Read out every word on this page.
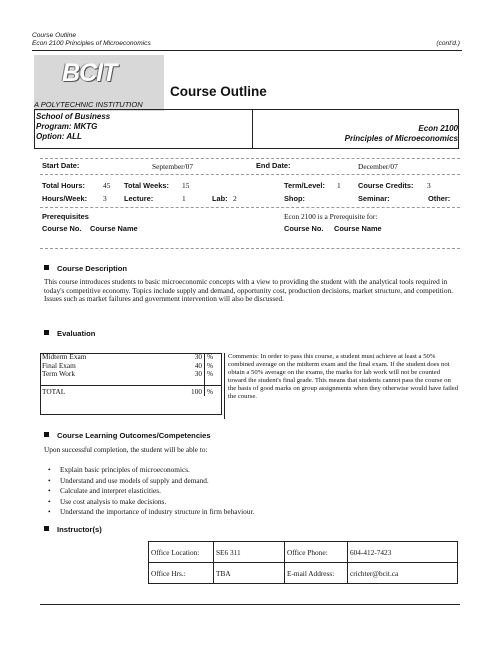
Course Outline
Econ 2100 Principles of Microeconomics	(cont'd.)
BCIT
A POLYTECHNIC INSTITUTION
Course Outline
School of Business
Program: MKTG
Option: ALL
Econ 2100
Principles of Microeconomics
Start Date:	September/07	End Date:	December/07
Total Hours: 45 Total Weeks: 15	Term/Level: 1 Course Credits: 3
Hours/Week: 3 Lecture:	1	Lab: 2	Shop:	Seminar:	Other:
Prerequisites
Course No. Course Name
Econ 2100 is a Prerequisite for:
Course No. Course Name
Course Description
This course introduces students to basic microeconomic concepts with a view to providing the student with the analytical tools required in today's competitive economy. Topics include supply and demand, opportunity cost, production decisions, market structure, and competition. Issues such as market failures and government intervention will also be discussed.
Evaluation
Midterm Exam	30	%
Final Exam	40	%
Term Work	30	%

TOTAL	100	%
Comments: In order to pass this course, a student must achieve at least a 50% combined average on the midterm exam and the final exam. If the student does not obtain a 50% average on the exams, the marks for lab work will not be counted toward the student's final grade. This means that students cannot pass the course on the basis of good marks on group assignments when they otherwise would have failed the course.
Course Learning Outcomes/Competencies
Upon successful completion, the student will be able to:
• Explain basic principles of microeconomics.
• Understand and use models of supply and demand.
• Calculate and interpret elasticities.
• Use cost analysis to make decisions.
• Understand the importance of industry structure in firm behaviour.
Instructor(s)
Office Location:	SE6 311	Office Phone:	604-412-7423
Office Hrs.:	TBA	E-mail Address:	crichter@bcit.ca
